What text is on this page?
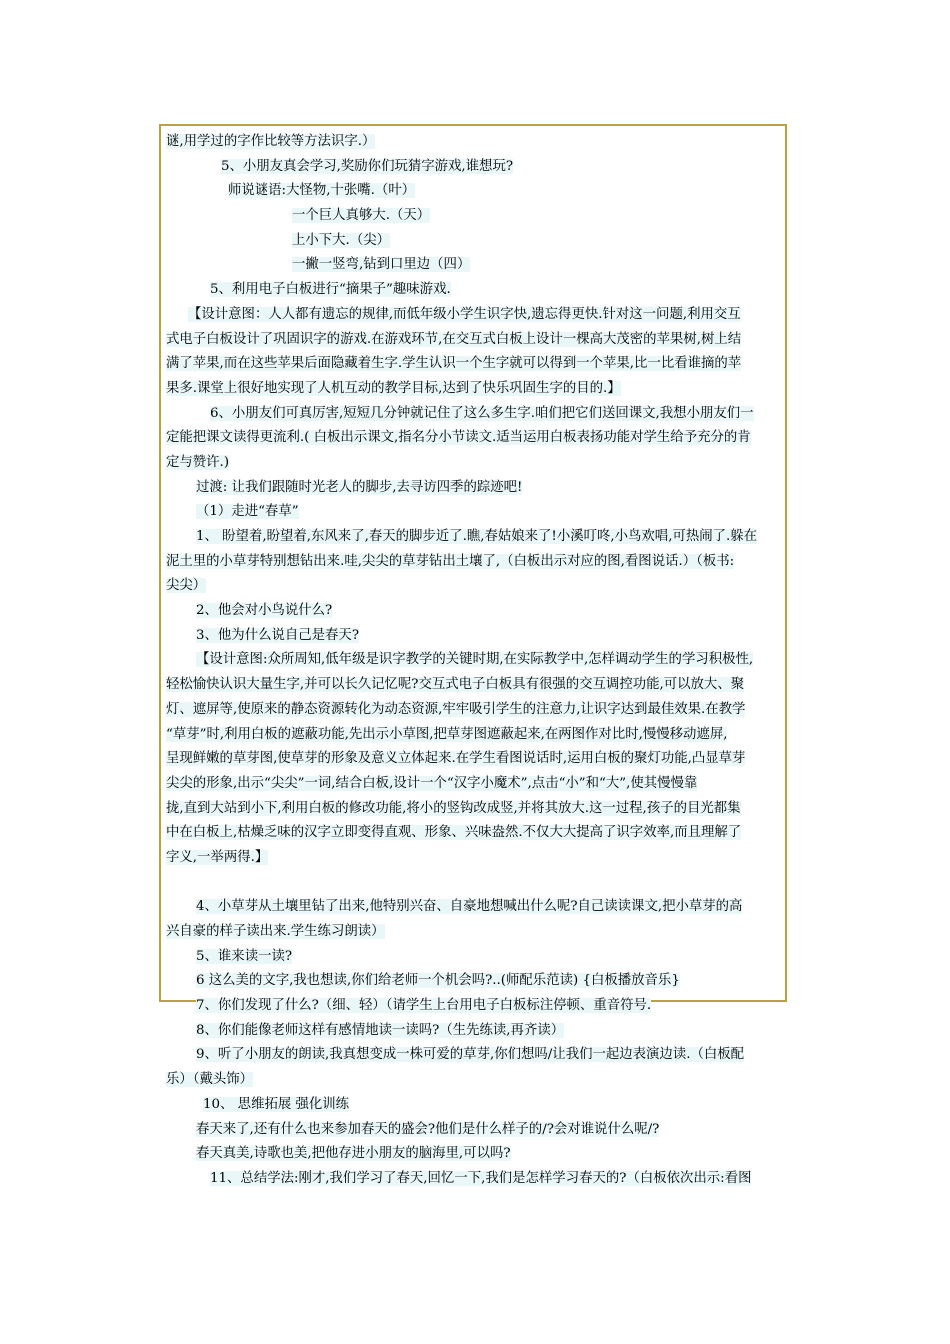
谜,用学过的字作比较等方法识字.）
5、小朋友真会学习,奖励你们玩猜字游戏,谁想玩?
师说谜语:大怪物,十张嘴.（叶）
一个巨人真够大.（天）
上小下大.（尖）
一撇一竖弯,钻到口里边（四）
5、利用电子白板进行“摘果子”趣味游戏.
【设计意图：人人都有遗忘的规律,而低年级小学生识字快,遗忘得更快.针对这一问题,利用交互
式电子白板设计了巩固识字的游戏.在游戏环节,在交互式白板上设计一棵高大茂密的苹果树,树上结
满了苹果,而在这些苹果后面隐藏着生字.学生认识一个生字就可以得到一个苹果,比一比看谁摘的苹
果多.课堂上很好地实现了人机互动的教学目标,达到了快乐巩固生字的目的.】
6、小朋友们可真厉害,短短几分钟就记住了这么多生字.咱们把它们送回课文,我想小朋友们一
定能把课文读得更流利.( 白板出示课文,指名分小节读文.适当运用白板表扬功能对学生给予充分的肯
定与赞许.)
过渡: 让我们跟随时光老人的脚步,去寻访四季的踪迹吧!
（1）走进“春草”
1、 盼望着,盼望着,东风来了,春天的脚步近了.瞧,春姑娘来了!小溪叮咚,小鸟欢唱,可热闹了.躲在
泥土里的小草芽特别想钻出来.哇,尖尖的草芽钻出土壤了,（白板出示对应的图,看图说话.）（板书:
尖尖）
2、他会对小鸟说什么?
3、他为什么说自己是春天?
【设计意图:众所周知,低年级是识字教学的关键时期,在实际教学中,怎样调动学生的学习积极性,
轻松愉快认识大量生字,并可以长久记忆呢?交互式电子白板具有很强的交互调控功能,可以放大、聚
灯、遮屏等,使原来的静态资源转化为动态资源,牢牢吸引学生的注意力,让识字达到最佳效果.在教学
“草芽”时,利用白板的遮蔽功能,先出示小草图,把草芽图遮蔽起来,在两图作对比时,慢慢移动遮屏,
呈现鲜嫩的草芽图,使草芽的形象及意义立体起来.在学生看图说话时,运用白板的聚灯功能,凸显草芽
尖尖的形象,出示“尖尖”一词,结合白板,设计一个“汉字小魔术”,点击“小”和“大”,使其慢慢靠
拢,直到大站到小下,利用白板的修改功能,将小的竖钩改成竖,并将其放大.这一过程,孩子的目光都集
中在白板上,枯燥乏味的汉字立即变得直观、形象、兴味盎然.不仅大大提高了识字效率,而且理解了
字义,一举两得.】
4、小草芽从土壤里钻了出来,他特别兴奋、自豪地想喊出什么呢?自己读读课文,把小草芽的高
兴自豪的样子读出来.学生练习朗读）
5、谁来读一读?
6 这么美的文字,我也想读,你们给老师一个机会吗?..(师配乐范读) {白板播放音乐}
7、你们发现了什么?（细、轻）（请学生上台用电子白板标注停顿、重音符号.
8、你们能像老师这样有感情地读一读吗?（生先练读,再齐读）
9、听了小朋友的朗读,我真想变成一株可爱的草芽,你们想吗/让我们一起边表演边读.（白板配
乐）（戴头饰）
10、 思维拓展 强化训练
春天来了,还有什么也来参加春天的盛会?他们是什么样子的/?会对谁说什么呢/?
春天真美,诗歌也美,把他存进小朋友的脑海里,可以吗?
11、总结学法:刚才,我们学习了春天,回忆一下,我们是怎样学习春天的?（白板依次出示:看图
